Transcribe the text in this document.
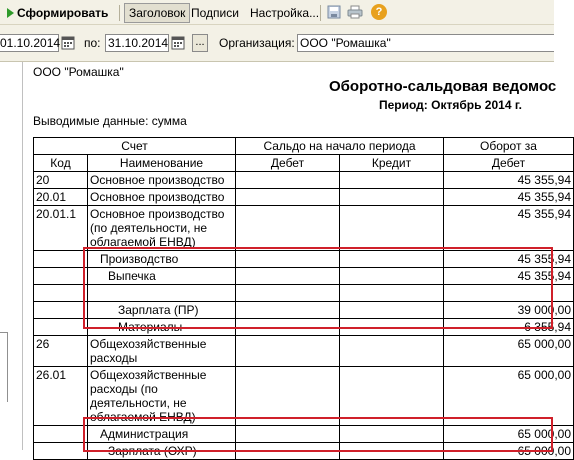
Сформировать	Заголовок Подписи Настройка...	?
01.10.2014 по: 31.10.2014	... Организация: ООО "Ромашка"
ООО "Ромашка"
Оборотно-сальдовая ведомос
Период: Октябрь 2014 г.
Выводимые данные: сумма
Счет		Сальдо на начало периода		Оборот за
Код	Наименование	Дебет	Кредит	Дебет
20	Основное производство			45 355,94
20.01	Основное производство			45 355,94
20.01.1	Основное производство (по деятельности, не облагаемой ЕНВД)			45 355,94
	Производство			45 355,94
	Выпечка			45 355,94

	Зарплата (ПР)			39 000,00
	Материалы			6 355,94
26	Общехозяйственные расходы			65 000,00
26.01	Общехозяйственные расходы (по деятельности, не облагаемой ЕНВД)			65 000,00
	Администрация			65 000,00
	Зарплата (ОХР)			65 000,00
